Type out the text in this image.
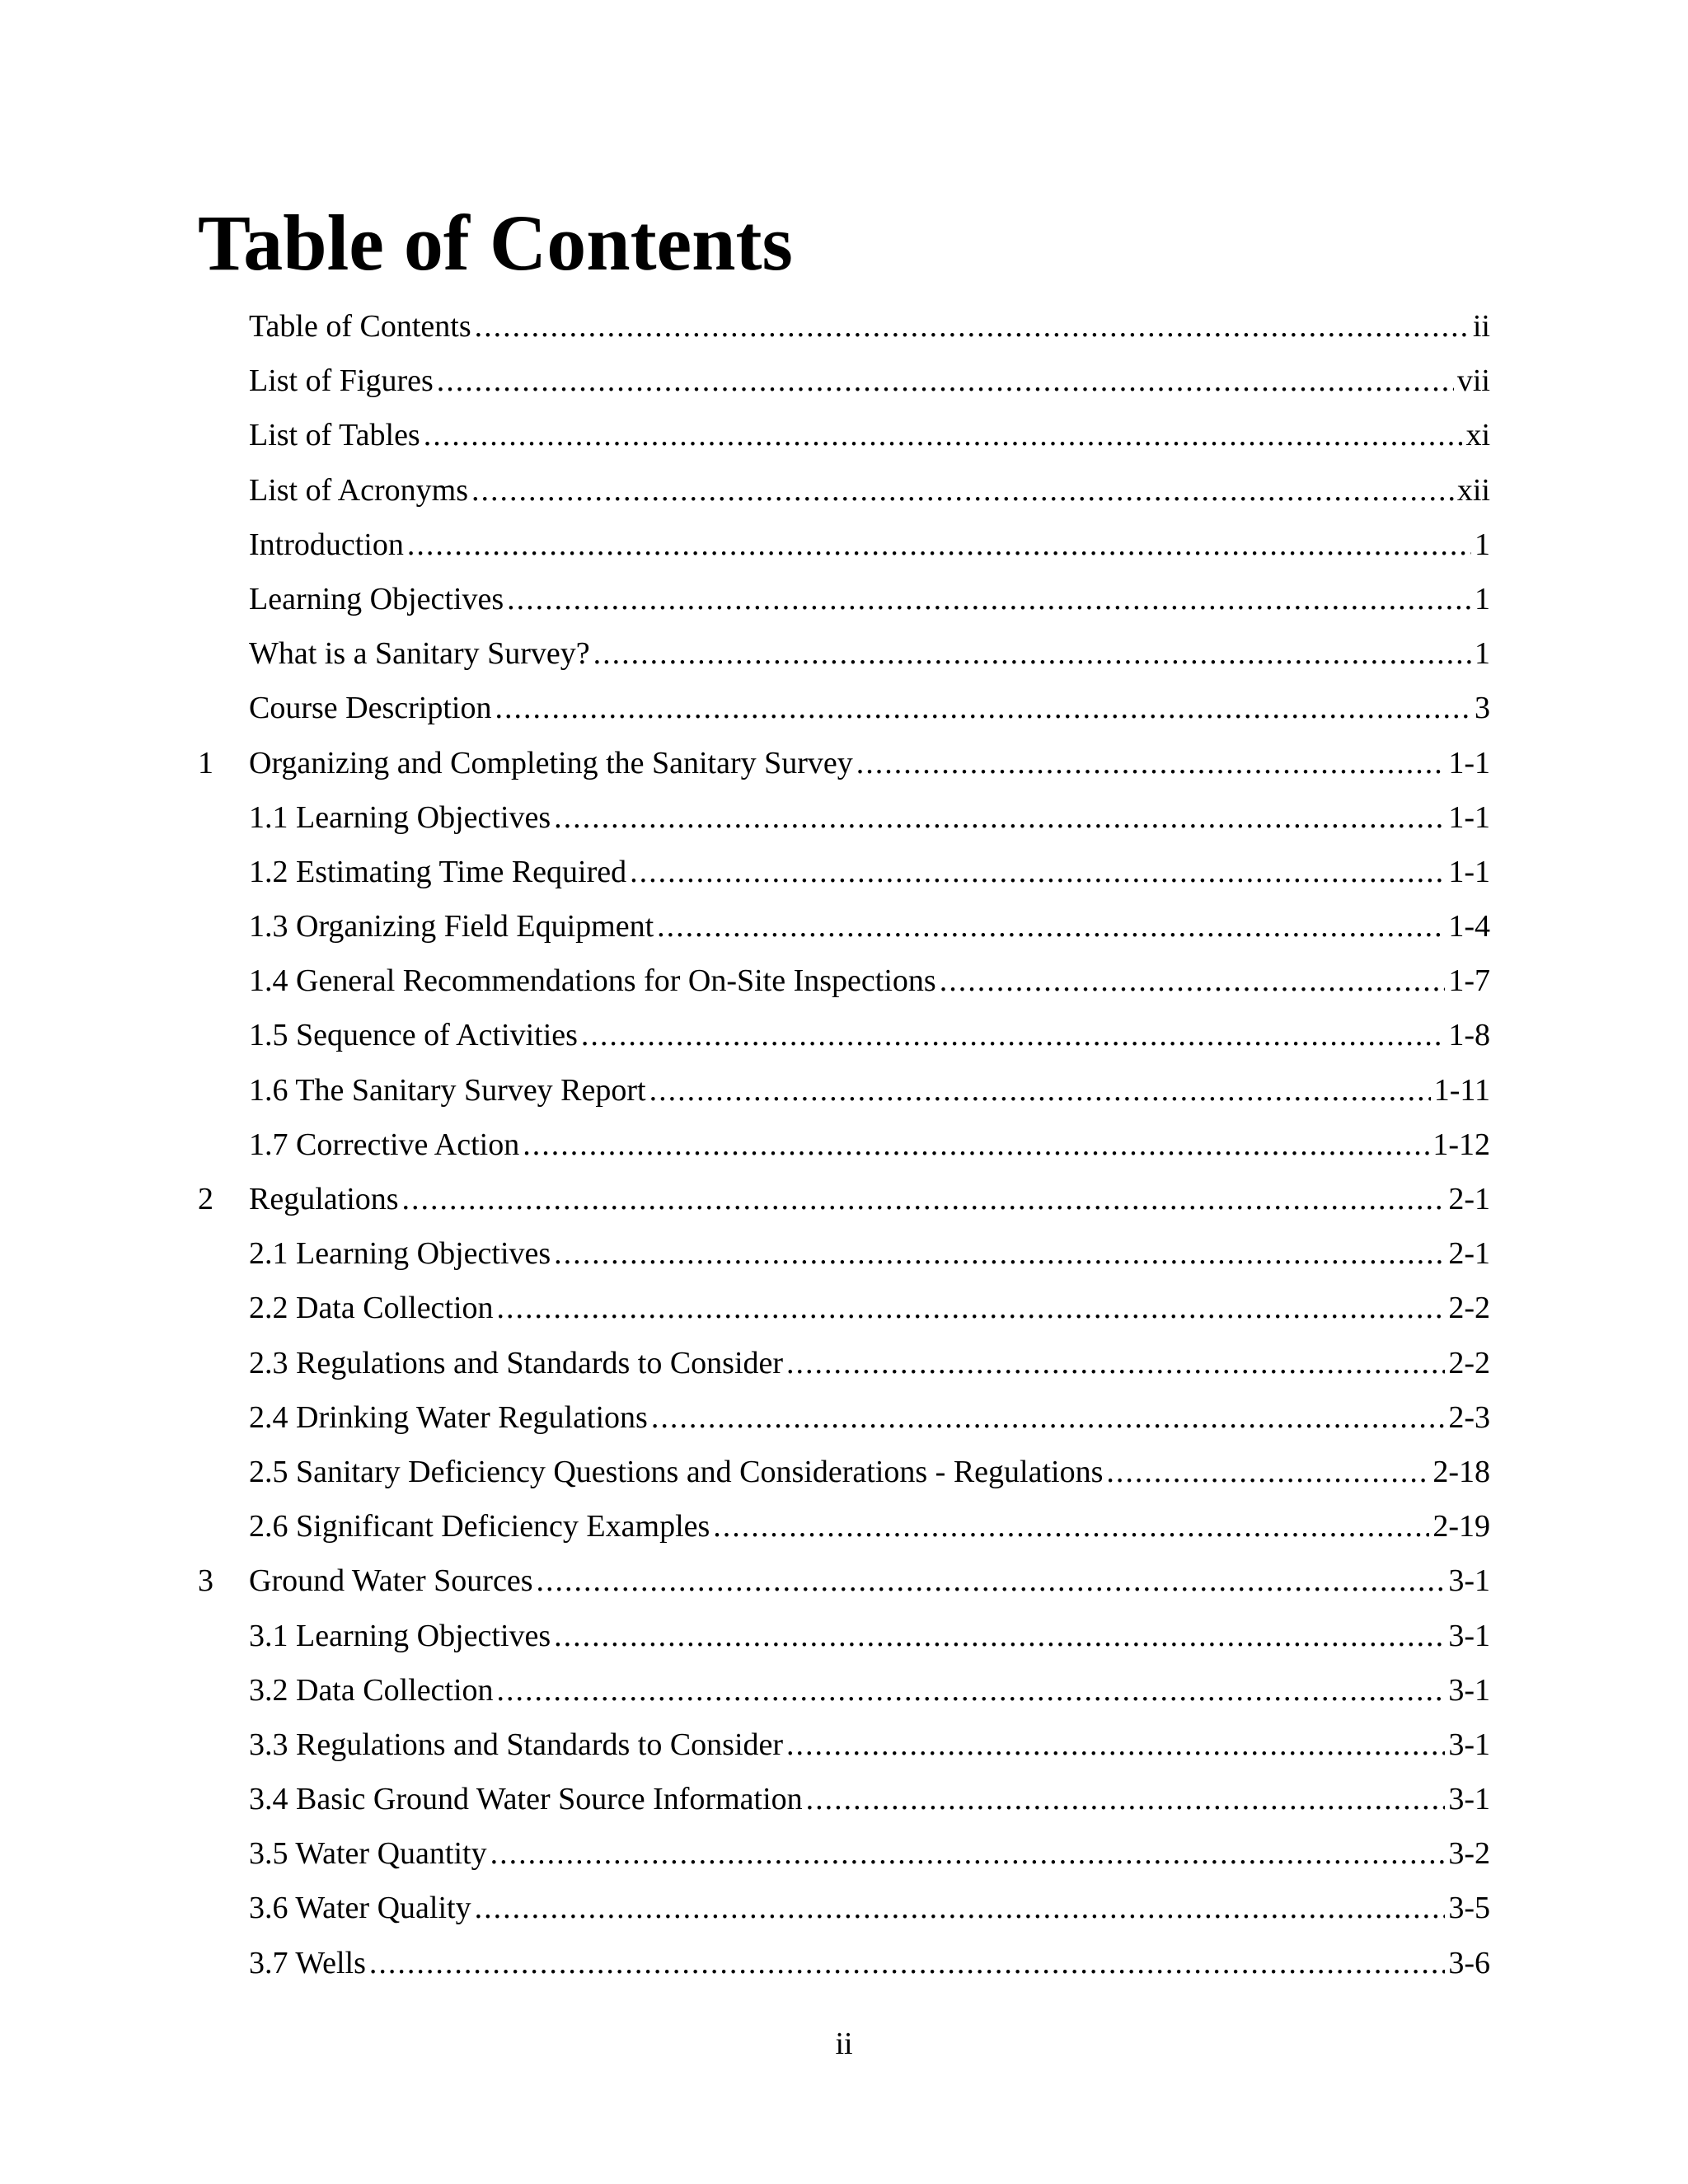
Table of Contents
Table of Contents .....	ii
List of Figures .....	vii
List of Tables .....	xi
List of Acronyms .....	xii
Introduction .....	1
Learning Objectives .....	1
What is a Sanitary Survey? .....	1
Course Description .....	3
1	Organizing and Completing the Sanitary Survey .....	1-1
1.1 Learning Objectives .....	1-1
1.2 Estimating Time Required .....	1-1
1.3 Organizing Field Equipment .....	1-4
1.4 General Recommendations for On-Site Inspections .....	1-7
1.5 Sequence of Activities .....	1-8
1.6 The Sanitary Survey Report .....	1-11
1.7 Corrective Action .....	1-12
2	Regulations .....	2-1
2.1 Learning Objectives .....	2-1
2.2 Data Collection .....	2-2
2.3 Regulations and Standards to Consider .....	2-2
2.4 Drinking Water Regulations .....	2-3
2.5 Sanitary Deficiency Questions and Considerations - Regulations .....	2-18
2.6 Significant Deficiency Examples .....	2-19
3	Ground Water Sources .....	3-1
3.1 Learning Objectives .....	3-1
3.2 Data Collection .....	3-1
3.3 Regulations and Standards to Consider .....	3-1
3.4 Basic Ground Water Source Information .....	3-1
3.5 Water Quantity .....	3-2
3.6 Water Quality .....	3-5
3.7 Wells .....	3-6
ii
